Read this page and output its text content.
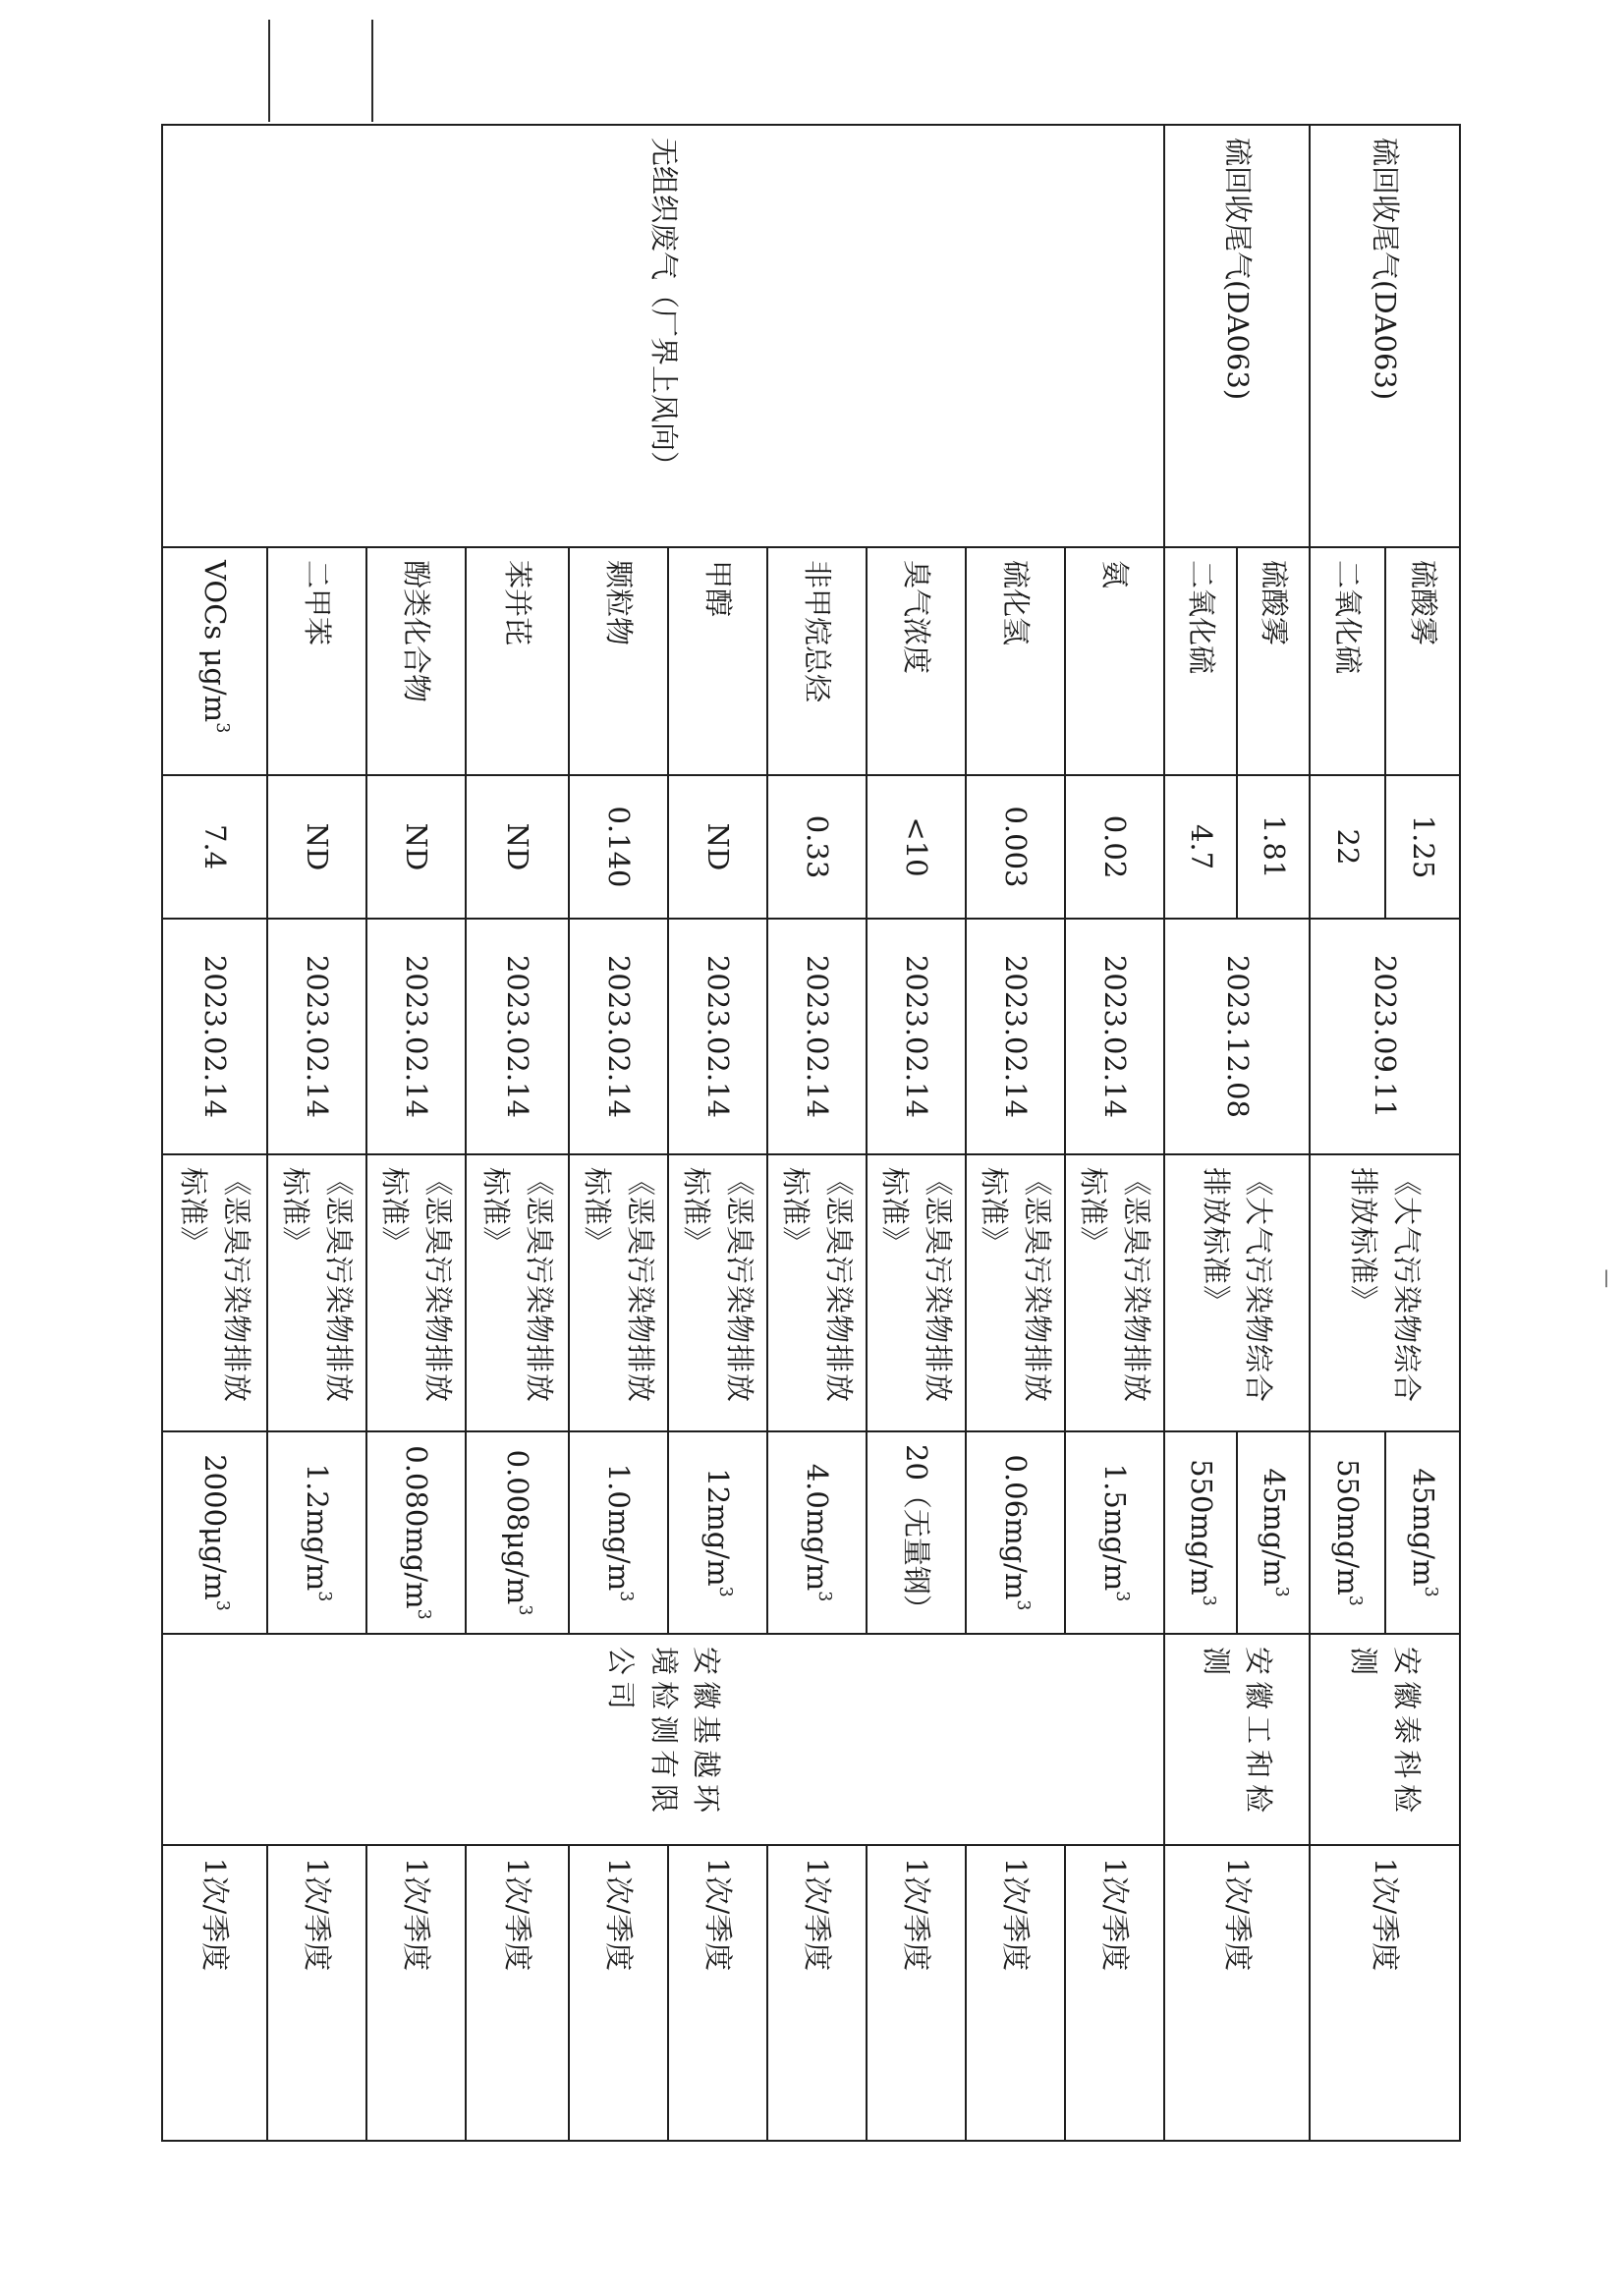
|
硫回收尾气(DA063)	硫酸雾	1.25	2023.09.11	《大气污染物综合排放标准》	$45mg/m^3$	安徽泰科检测	1次/季度
	二氧化硫	22			$550mg/m^3$
硫回收尾气(DA063)	硫酸雾	1.81	2023.12.08	《大气污染物综合排放标准》	$45mg/m^3$	安徽工和检测	1次/季度
	二氧化硫	4.7			$550mg/m^3$
无组织废气（厂界上风向）	氨	0.02	2023.02.14	《恶臭污染物排放标准》	$1.5mg/m^3$	安徽基越环境检测有限公司	1次/季度
	硫化氢	0.003	2023.02.14	《恶臭污染物排放标准》	$0.06mg/m^3$		1次/季度
	臭气浓度	<10	2023.02.14	《恶臭污染物排放标准》	20（无量钢）		1次/季度
	非甲烷总烃	0.33	2023.02.14	《恶臭污染物排放标准》	$4.0mg/m^3$		1次/季度
	甲醇	ND	2023.02.14	《恶臭污染物排放标准》	$12mg/m^3$		1次/季度
	颗粒物	0.140	2023.02.14	《恶臭污染物排放标准》	$1.0mg/m^3$		1次/季度
	苯并芘	ND	2023.02.14	《恶臭污染物排放标准》	$0.008\mu g/m^3$		1次/季度
	酚类化合物	ND	2023.02.14	《恶臭污染物排放标准》	$0.080mg/m^3$		1次/季度
	二甲苯	ND	2023.02.14	《恶臭污染物排放标准》	$1.2mg/m^3$		1次/季度
	VOCs $\mu g/m^3$	7.4	2023.02.14	《恶臭污染物排放标准》	$2000\mu g/m^3$		1次/季度
